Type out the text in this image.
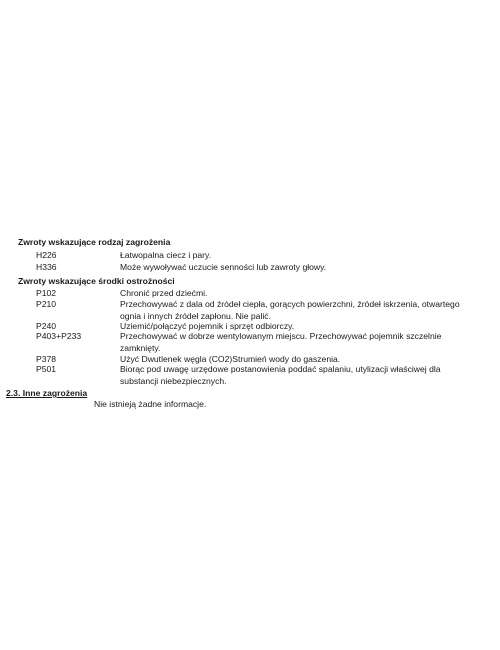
Zwroty wskazujące rodzaj zagrożenia
H226	Łatwopalna ciecz i pary.
H336	Może wywoływać uczucie senności lub zawroty głowy.
Zwroty wskazujące środki ostrożności
P102	Chronić przed dziećmi.
P210	Przechowywać z dala od źródeł ciepła, gorących powierzchni, źródeł iskrzenia, otwartego ognia i innych źródeł zapłonu. Nie palić.
P240	Uziemić/połączyć pojemnik i sprzęt odbiorczy.
P403+P233	Przechowywać w dobrze wentylowanym miejscu. Przechowywać pojemnik szczelnie zamknięty.
P378	Użyć Dwutlenek węgla (CO2)Strumień wody do gaszenia.
P501	Biorąc pod uwagę urzędowe postanowienia poddać spalaniu, utylizacji właściwej dla substancji niebezpiecznych.
2.3. Inne zagrożenia
Nie istnieją żadne informacje.
